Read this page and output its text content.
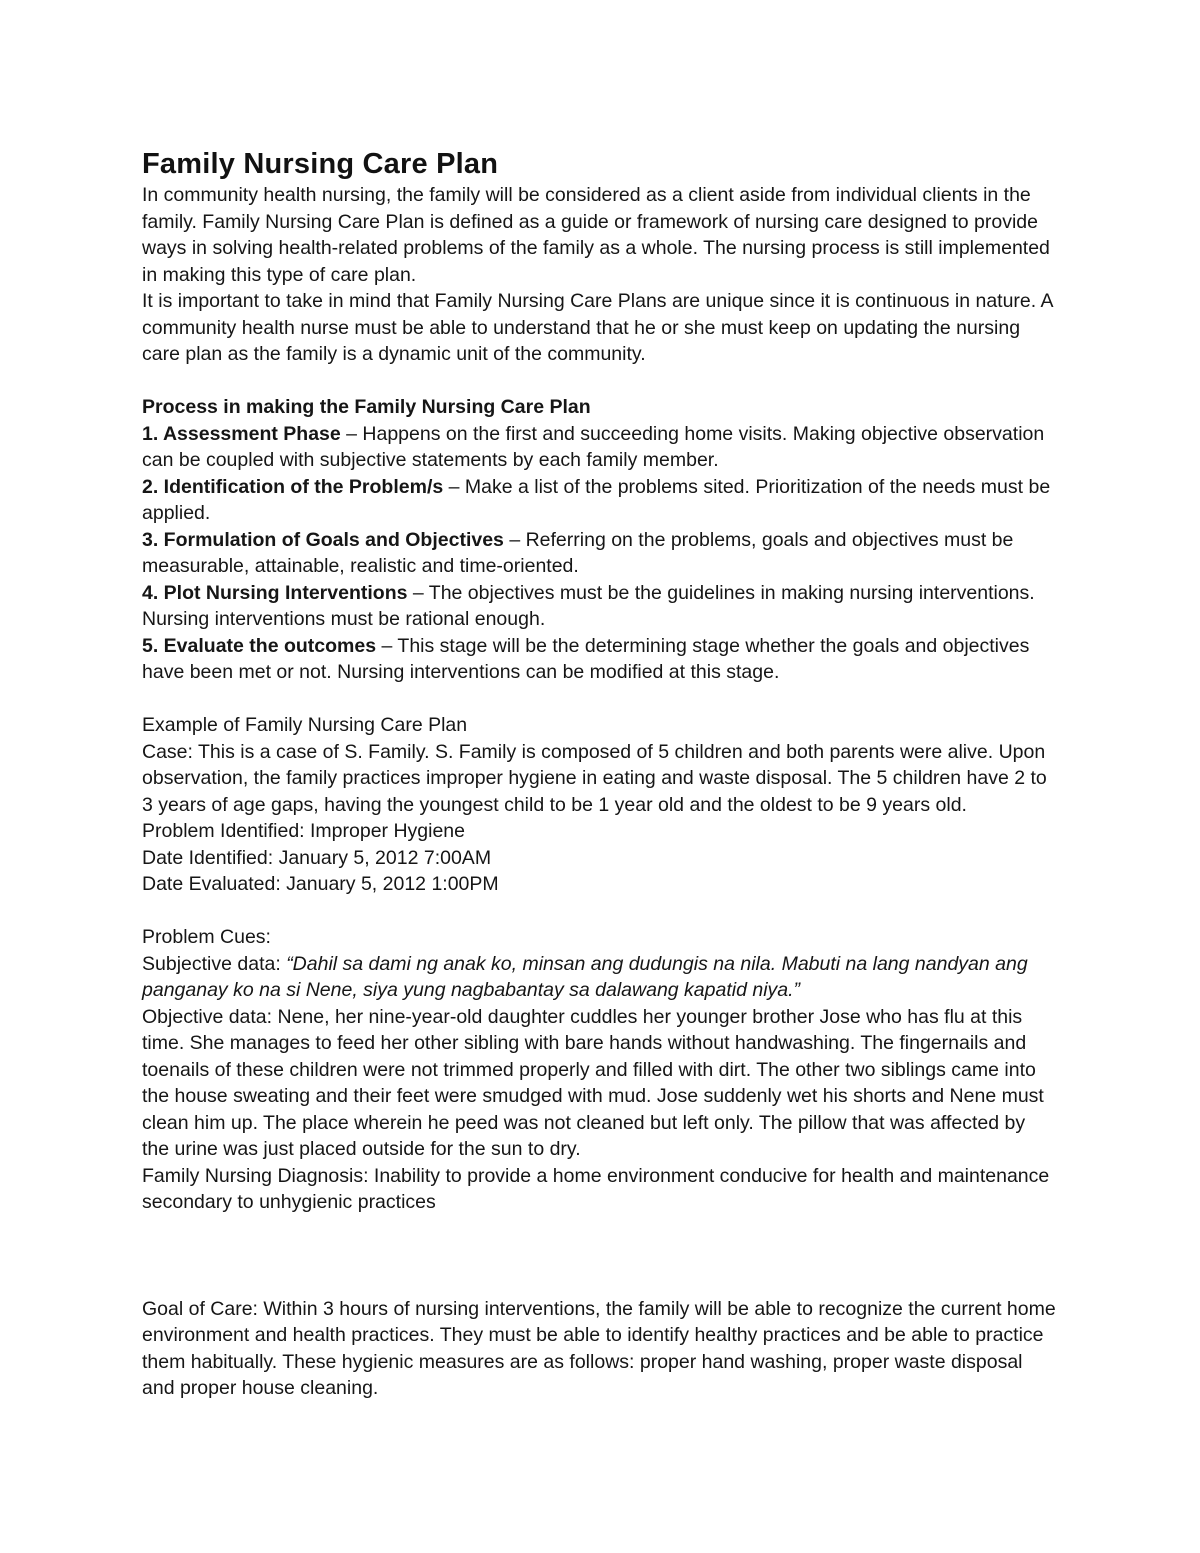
Family Nursing Care Plan

In community health nursing, the family will be considered as a client aside from individual clients in the family. Family Nursing Care Plan is defined as a guide or framework of nursing care designed to provide ways in solving health-related problems of the family as a whole. The nursing process is still implemented in making this type of care plan.

It is important to take in mind that Family Nursing Care Plans are unique since it is continuous in nature. A community health nurse must be able to understand that he or she must keep on updating the nursing care plan as the family is a dynamic unit of the community.

Process in making the Family Nursing Care Plan

1. Assessment Phase – Happens on the first and succeeding home visits. Making objective observation can be coupled with subjective statements by each family member.

2. Identification of the Problem/s – Make a list of the problems sited. Prioritization of the needs must be applied.

3. Formulation of Goals and Objectives – Referring on the problems, goals and objectives must be measurable, attainable, realistic and time-oriented.

4. Plot Nursing Interventions – The objectives must be the guidelines in making nursing interventions. Nursing interventions must be rational enough.

5. Evaluate the outcomes – This stage will be the determining stage whether the goals and objectives have been met or not. Nursing interventions can be modified at this stage.

Example of Family Nursing Care Plan

Case: This is a case of S. Family. S. Family is composed of 5 children and both parents were alive. Upon observation, the family practices improper hygiene in eating and waste disposal. The 5 children have 2 to 3 years of age gaps, having the youngest child to be 1 year old and the oldest to be 9 years old.

Problem Identified: Improper Hygiene

Date Identified: January 5, 2012 7:00AM

Date Evaluated: January 5, 2012 1:00PM

Problem Cues:

Subjective data: “Dahil sa dami ng anak ko, minsan ang dudungis na nila. Mabuti na lang nandyan ang panganay ko na si Nene, siya yung nagbabantay sa dalawang kapatid niya.”

Objective data: Nene, her nine-year-old daughter cuddles her younger brother Jose who has flu at this time. She manages to feed her other sibling with bare hands without handwashing. The fingernails and toenails of these children were not trimmed properly and filled with dirt. The other two siblings came into the house sweating and their feet were smudged with mud. Jose suddenly wet his shorts and Nene must clean him up. The place wherein he peed was not cleaned but left only. The pillow that was affected by the urine was just placed outside for the sun to dry.

Family Nursing Diagnosis: Inability to provide a home environment conducive for health and maintenance secondary to unhygienic practices

Goal of Care: Within 3 hours of nursing interventions, the family will be able to recognize the current home environment and health practices. They must be able to identify healthy practices and be able to practice them habitually. These hygienic measures are as follows: proper hand washing, proper waste disposal and proper house cleaning.
